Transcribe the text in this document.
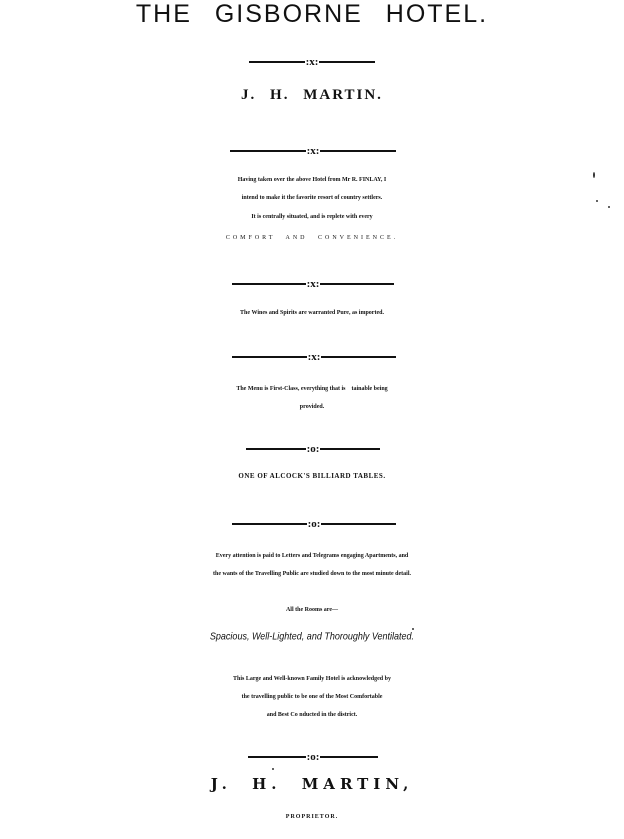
THE GISBORNE HOTEL.

:x:

J. H. MARTIN.

:x:

Having taken over the above Hotel from Mr R. FINLAY, I

intend to make it the favorite resort of country settlers.

It is centrally situated, and is replete with every

COMFORT AND CONVENIENCE.

:x:

The Wines and Spirits are warranted Pure, as imported.

:x:

The Menu is First-Class, everything that is    tainable being

provided.

:o:

ONE OF ALCOCK'S BILLIARD TABLES.

:o:

Every attention is paid to Letters and Telegrams engaging Apartments, and

the wants of the Travelling Public are studied down to the most minute detail.

All the Rooms are—

Spacious, Well-Lighted, and Thoroughly Ventilated.

This Large and Well-known Family Hotel is acknowledged by

the travelling public to be one of the Most Comfortable

and Best Co nducted in the district.

:o:

J. H. MARTIN,

PROPRIETOR.
